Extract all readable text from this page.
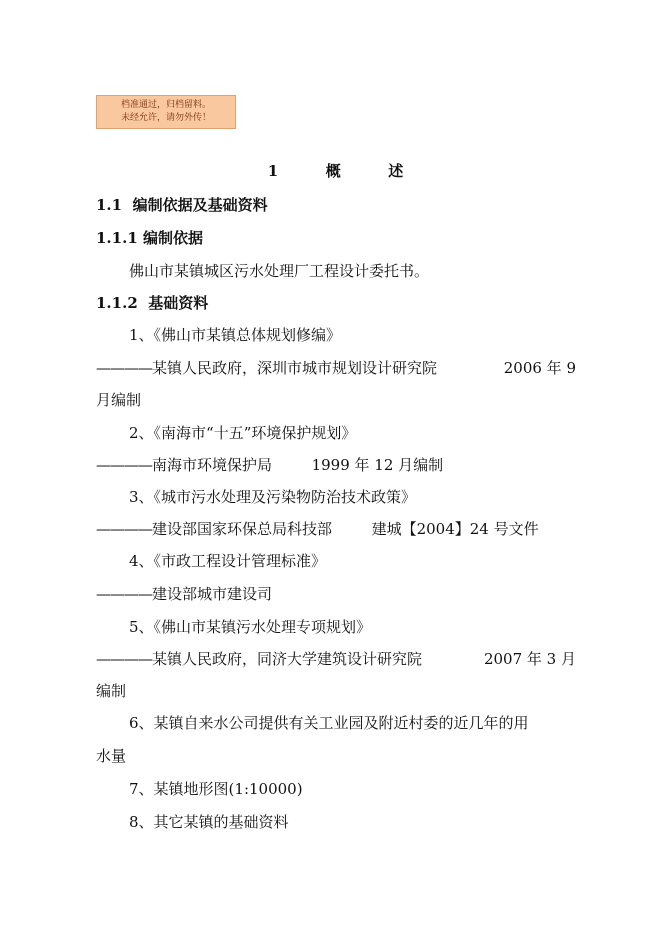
档准通过，归档留料。
未经允许，请勿外传！
1	概	述
1.1 编制依据及基础资料
1.1.1 编制依据
佛山市某镇城区污水处理厂工程设计委托书。
1.1.2 基础资料
1、《佛山市某镇总体规划修编》
————某镇人民政府，深圳市城市规划设计研究院	2006 年 9
月编制
2、《南海市“十五”环境保护规划》
————南海市环境保护局	1999 年 12 月编制
3、《城市污水处理及污染物防治技术政策》
————建设部国家环保总局科技部	建城【2004】24 号文件
4、《市政工程设计管理标准》
————建设部城市建设司
5、《佛山市某镇污水处理专项规划》
————某镇人民政府，同济大学建筑设计研究院	2007 年 3 月
编制
6、某镇自来水公司提供有关工业园及附近村委的近几年的用
水量
7、某镇地形图(1:10000)
8、其它某镇的基础资料
